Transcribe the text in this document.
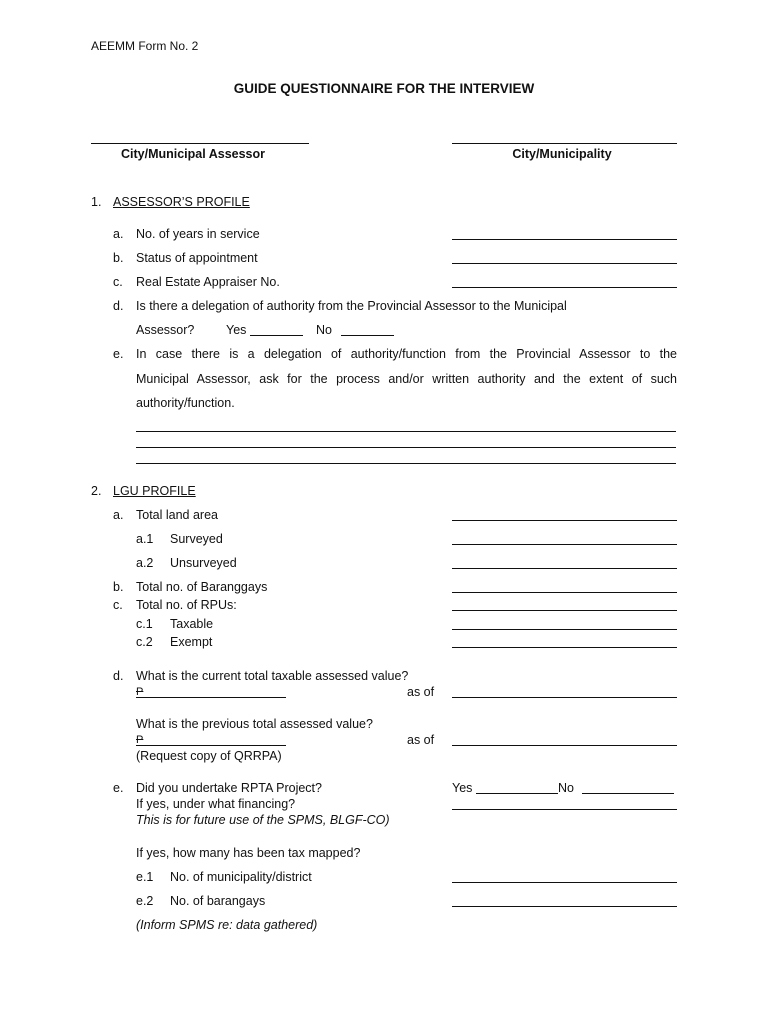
AEEMM Form No. 2
GUIDE QUESTIONNAIRE FOR THE INTERVIEW
City/Municipal Assessor	City/Municipality
1. ASSESSOR’S PROFILE
a. No. of years in service
b. Status of appointment
c. Real Estate Appraiser No.
d. Is there a delegation of authority from the Provincial Assessor to the Municipal
Assessor?	Yes	No
e. In case there is a delegation of authority/function from the Provincial Assessor to the
Municipal Assessor, ask for the process and/or written authority and the extent of such
authority/function.
2. LGU PROFILE
a. Total land area
a.1 Surveyed
a.2 Unsurveyed
b. Total no. of Baranggays
c. Total no. of RPUs:
c.1 Taxable
c.2 Exempt
d. What is the current total taxable assessed value?
P	as of
What is the previous total assessed value?
P	as of
(Request copy of QRRPA)
e. Did you undertake RPTA Project?	Yes	No
If yes, under what financing?
This is for future use of the SPMS, BLGF-CO)
If yes, how many has been tax mapped?
e.1 No. of municipality/district
e.2 No. of barangays
(Inform SPMS re: data gathered)
